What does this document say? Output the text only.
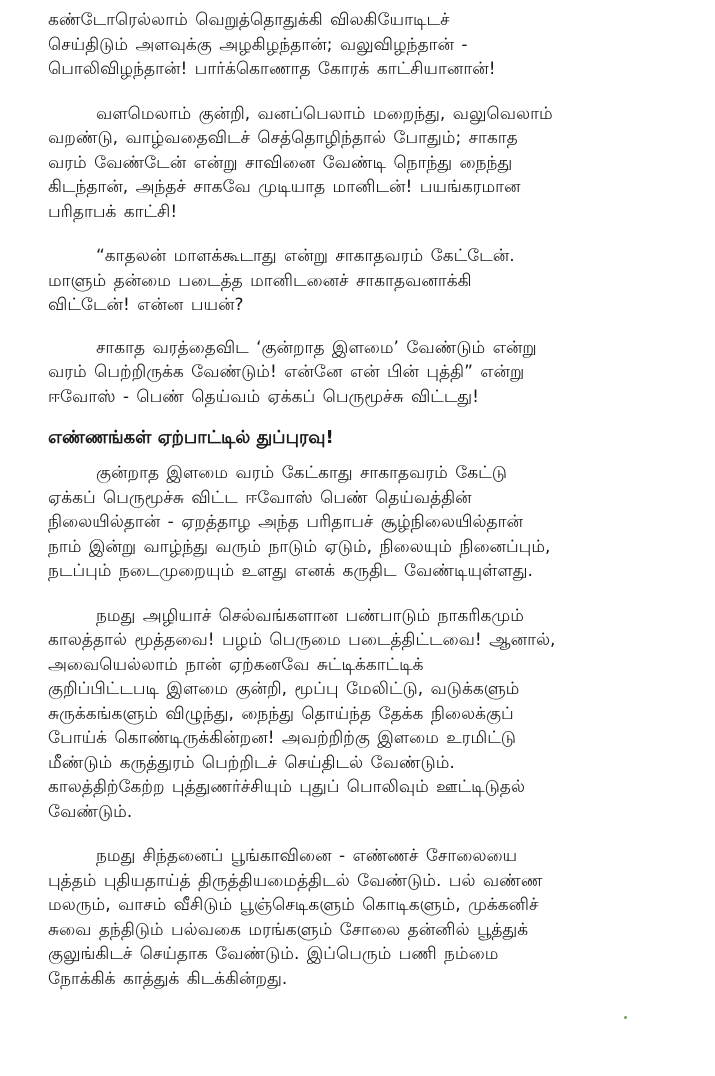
கண்டோரெல்லாம் வெறுத்தொதுக்கி விலகியோடிடச்
செய்திடும் அளவுக்கு அழகிழந்தான்; வலுவிழந்தான் -
பொலிவிழந்தான்! பார்க்கொணாத கோரக் காட்சியானான்!

வளமெலாம் குன்றி, வனப்பெலாம் மறைந்து, வலுவெலாம்
வறண்டு, வாழ்வதைவிடச் செத்தொழிந்தால் போதும்; சாகாத
வரம் வேண்டேன் என்று சாவினை வேண்டி நொந்து நைந்து
கிடந்தான், அந்தச் சாகவே முடியாத மானிடன்! பயங்கரமான
பரிதாபக் காட்சி!

“காதலன் மாளக்கூடாது என்று சாகாதவரம் கேட்டேன்.
மாளும் தன்மை படைத்த மானிடனைச் சாகாதவனாக்கி
விட்டேன்! என்ன பயன்?

சாகாத வரத்தைவிட ‘குன்றாத இளமை’ வேண்டும் என்று
வரம் பெற்றிருக்க வேண்டும்! என்னே என் பின் புத்தி” என்று
ஈவோஸ் - பெண் தெய்வம் ஏக்கப் பெருமூச்சு விட்டது!

எண்ணங்கள் ஏற்பாட்டில் துப்புரவு!

குன்றாத இளமை வரம் கேட்காது சாகாதவரம் கேட்டு
ஏக்கப் பெருமூச்சு விட்ட ஈவோஸ் பெண் தெய்வத்தின்
நிலையில்தான் - ஏறத்தாழ அந்த பரிதாபச் சூழ்நிலையில்தான்
நாம் இன்று வாழ்ந்து வரும் நாடும் ஏடும், நிலையும் நினைப்பும்,
நடப்பும் நடைமுறையும் உளது எனக் கருதிட வேண்டியுள்ளது.

நமது அழியாச் செல்வங்களான பண்பாடும் நாகரிகமும்
காலத்தால் மூத்தவை! பழம் பெருமை படைத்திட்டவை! ஆனால்,
அவையெல்லாம் நான் ஏற்கனவே சுட்டிக்காட்டிக்
குறிப்பிட்டபடி இளமை குன்றி, மூப்பு மேலிட்டு, வடுக்களும்
சுருக்கங்களும் விழுந்து, நைந்து தொய்ந்த தேக்க நிலைக்குப்
போய்க் கொண்டிருக்கின்றன! அவற்றிற்கு இளமை உரமிட்டு
மீண்டும் கருத்துரம் பெற்றிடச் செய்திடல் வேண்டும்.
காலத்திற்கேற்ற புத்துணர்ச்சியும் புதுப் பொலிவும் ஊட்டிடுதல்
வேண்டும்.

நமது சிந்தனைப் பூங்காவினை - எண்ணச் சோலையை
புத்தம் புதியதாய்த் திருத்தியமைத்திடல் வேண்டும். பல் வண்ண
மலரும், வாசம் வீசிடும் பூஞ்செடிகளும் கொடிகளும், முக்கனிச்
சுவை தந்திடும் பல்வகை மரங்களும் சோலை தன்னில் பூத்துக்
குலுங்கிடச் செய்தாக வேண்டும். இப்பெரும் பணி நம்மை
நோக்கிக் காத்துக் கிடக்கின்றது.
